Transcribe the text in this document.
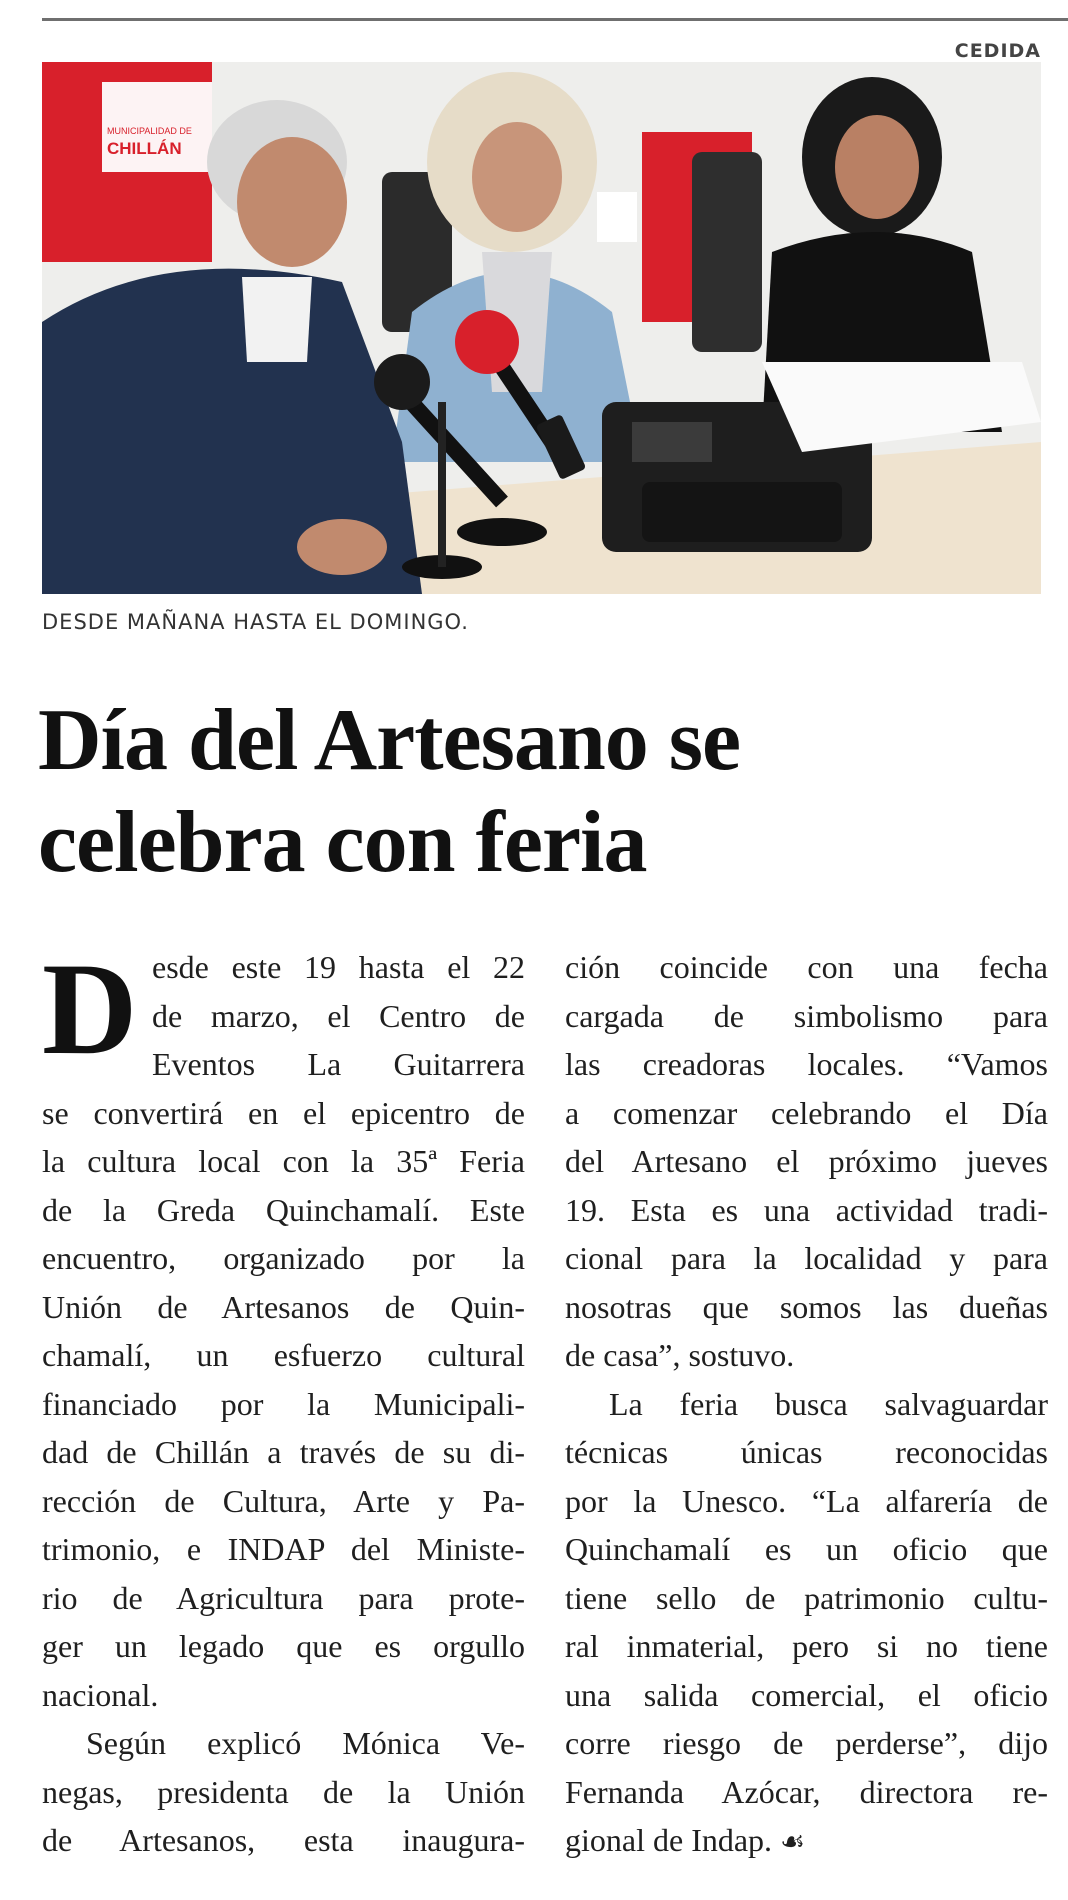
CEDIDA
MUNICIPALIDAD DE
CHILLÁN
DESDE MAÑANA HASTA EL DOMINGO.
Día del Artesano se
celebra con feria
D esde este 19 hasta el 22
de marzo, el Centro de
Eventos La Guitarrera
se convertirá en el epicentro de
la cultura local con la 35ª Feria
de la Greda Quinchamalí. Este
encuentro, organizado por la
Unión de Artesanos de Quin-
chamalí, un esfuerzo cultural
financiado por la Municipali-
dad de Chillán a través de su di-
rección de Cultura, Arte y Pa-
trimonio, e INDAP del Ministe-
rio de Agricultura para prote-
ger un legado que es orgullo
nacional.
Según explicó Mónica Ve-
negas, presidenta de la Unión
de Artesanos, esta inaugura-
ción coincide con una fecha
cargada de simbolismo para
las creadoras locales. “Vamos
a comenzar celebrando el Día
del Artesano el próximo jueves
19. Esta es una actividad tradi-
cional para la localidad y para
nosotras que somos las dueñas
de casa”, sostuvo.
La feria busca salvaguardar
técnicas únicas reconocidas
por la Unesco. “La alfarería de
Quinchamalí es un oficio que
tiene sello de patrimonio cultu-
ral inmaterial, pero si no tiene
una salida comercial, el oficio
corre riesgo de perderse”, dijo
Fernanda Azócar, directora re-
gional de Indap. ☙
